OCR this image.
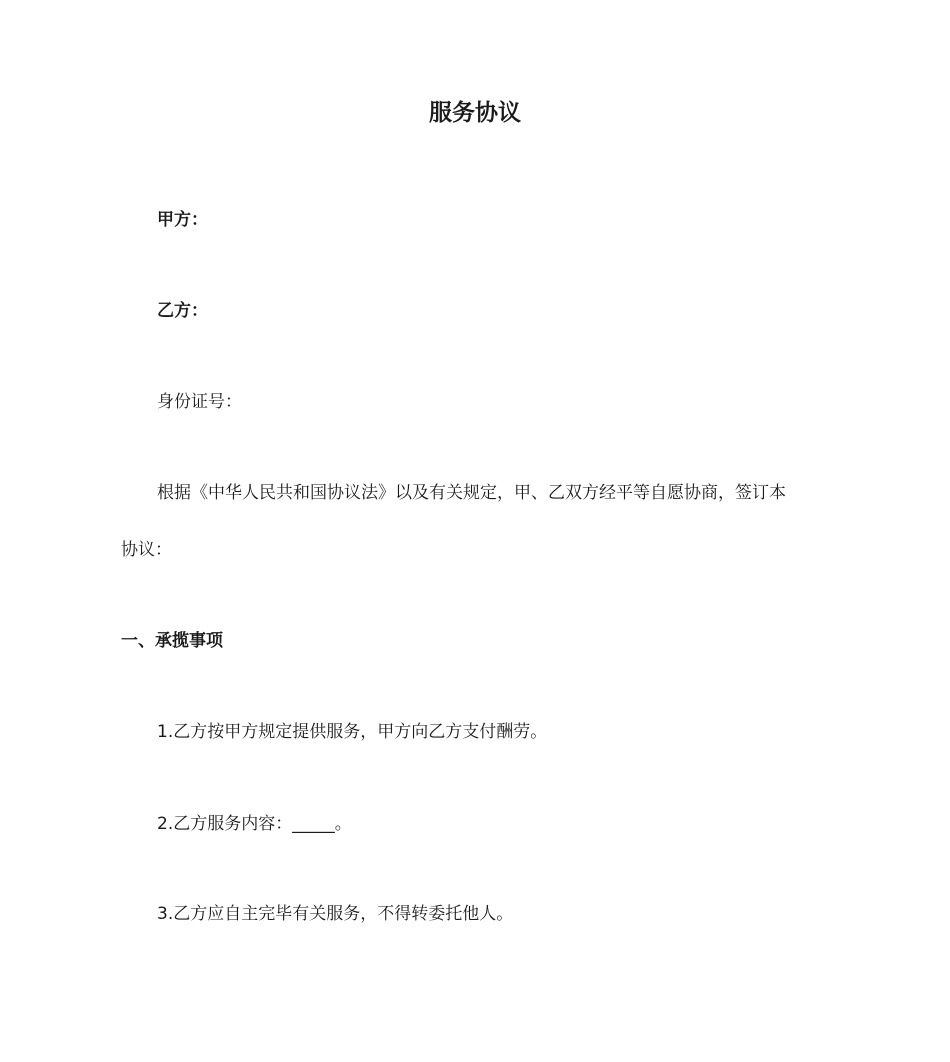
服务协议
甲方：
乙方：
身份证号：
根据《中华人民共和国协议法》以及有关规定，甲、乙双方经平等自愿协商，签订本
协议：
一、承揽事项
1.乙方按甲方规定提供服务，甲方向乙方支付酬劳。
2.乙方服务内容：_____。
3.乙方应自主完毕有关服务，不得转委托他人。
